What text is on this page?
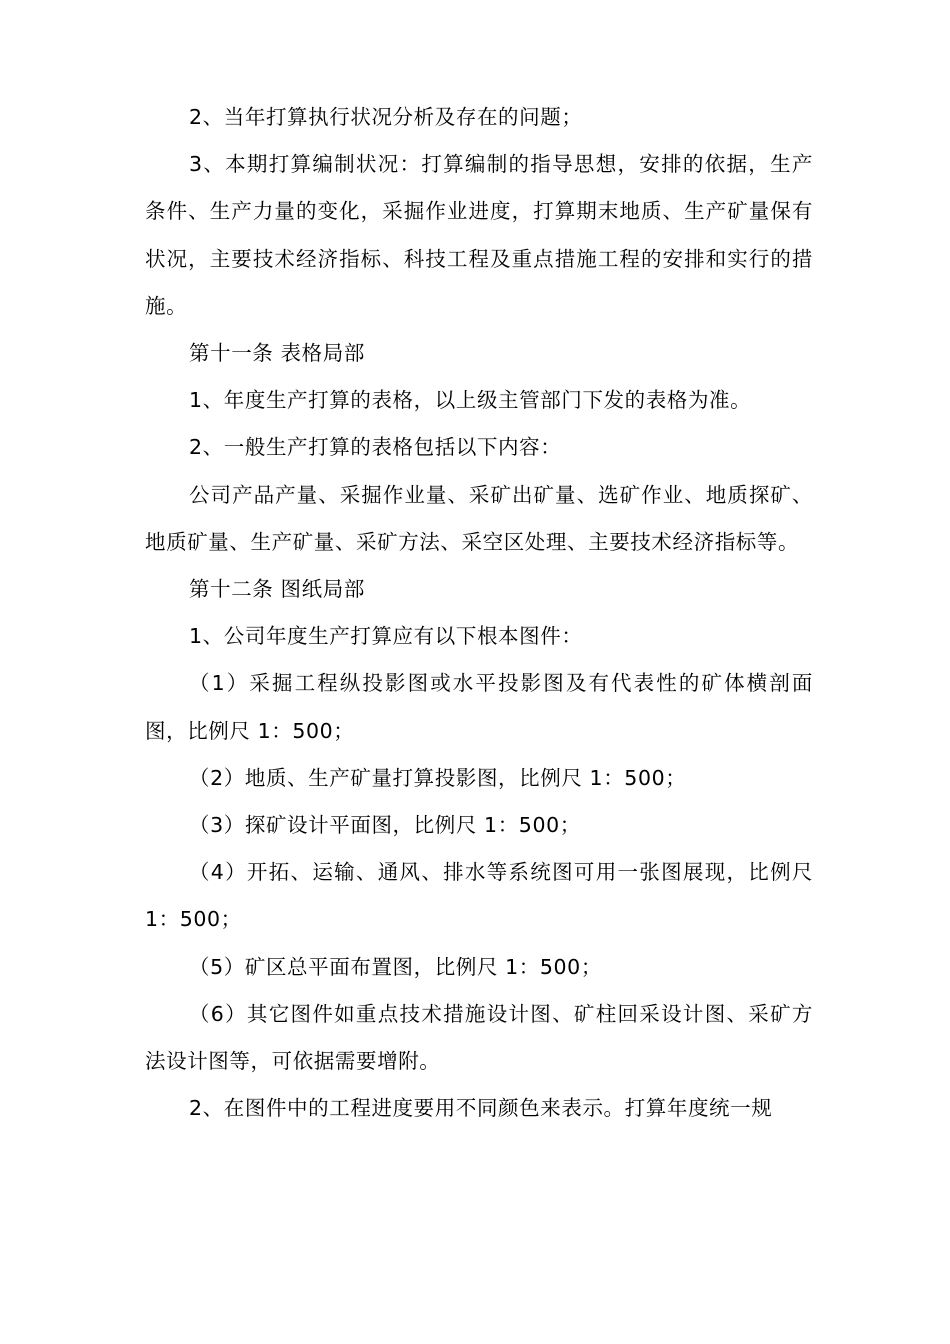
2、当年打算执行状况分析及存在的问题；

3、本期打算编制状况：打算编制的指导思想，安排的依据，生产条件、生产力量的变化，采掘作业进度，打算期末地质、生产矿量保有状况，主要技术经济指标、科技工程及重点措施工程的安排和实行的措施。

第十一条 表格局部

1、年度生产打算的表格，以上级主管部门下发的表格为准。

2、一般生产打算的表格包括以下内容：

公司产品产量、采掘作业量、采矿出矿量、选矿作业、地质探矿、地质矿量、生产矿量、采矿方法、采空区处理、主要技术经济指标等。

第十二条 图纸局部

1、公司年度生产打算应有以下根本图件：

（1）采掘工程纵投影图或水平投影图及有代表性的矿体横剖面图，比例尺 1：500；

（2）地质、生产矿量打算投影图，比例尺 1：500；

（3）探矿设计平面图，比例尺 1：500；

（4）开拓、运输、通风、排水等系统图可用一张图展现，比例尺 1：500；

（5）矿区总平面布置图，比例尺 1：500；

（6）其它图件如重点技术措施设计图、矿柱回采设计图、采矿方法设计图等，可依据需要增附。

2、在图件中的工程进度要用不同颜色来表示。打算年度统一规
